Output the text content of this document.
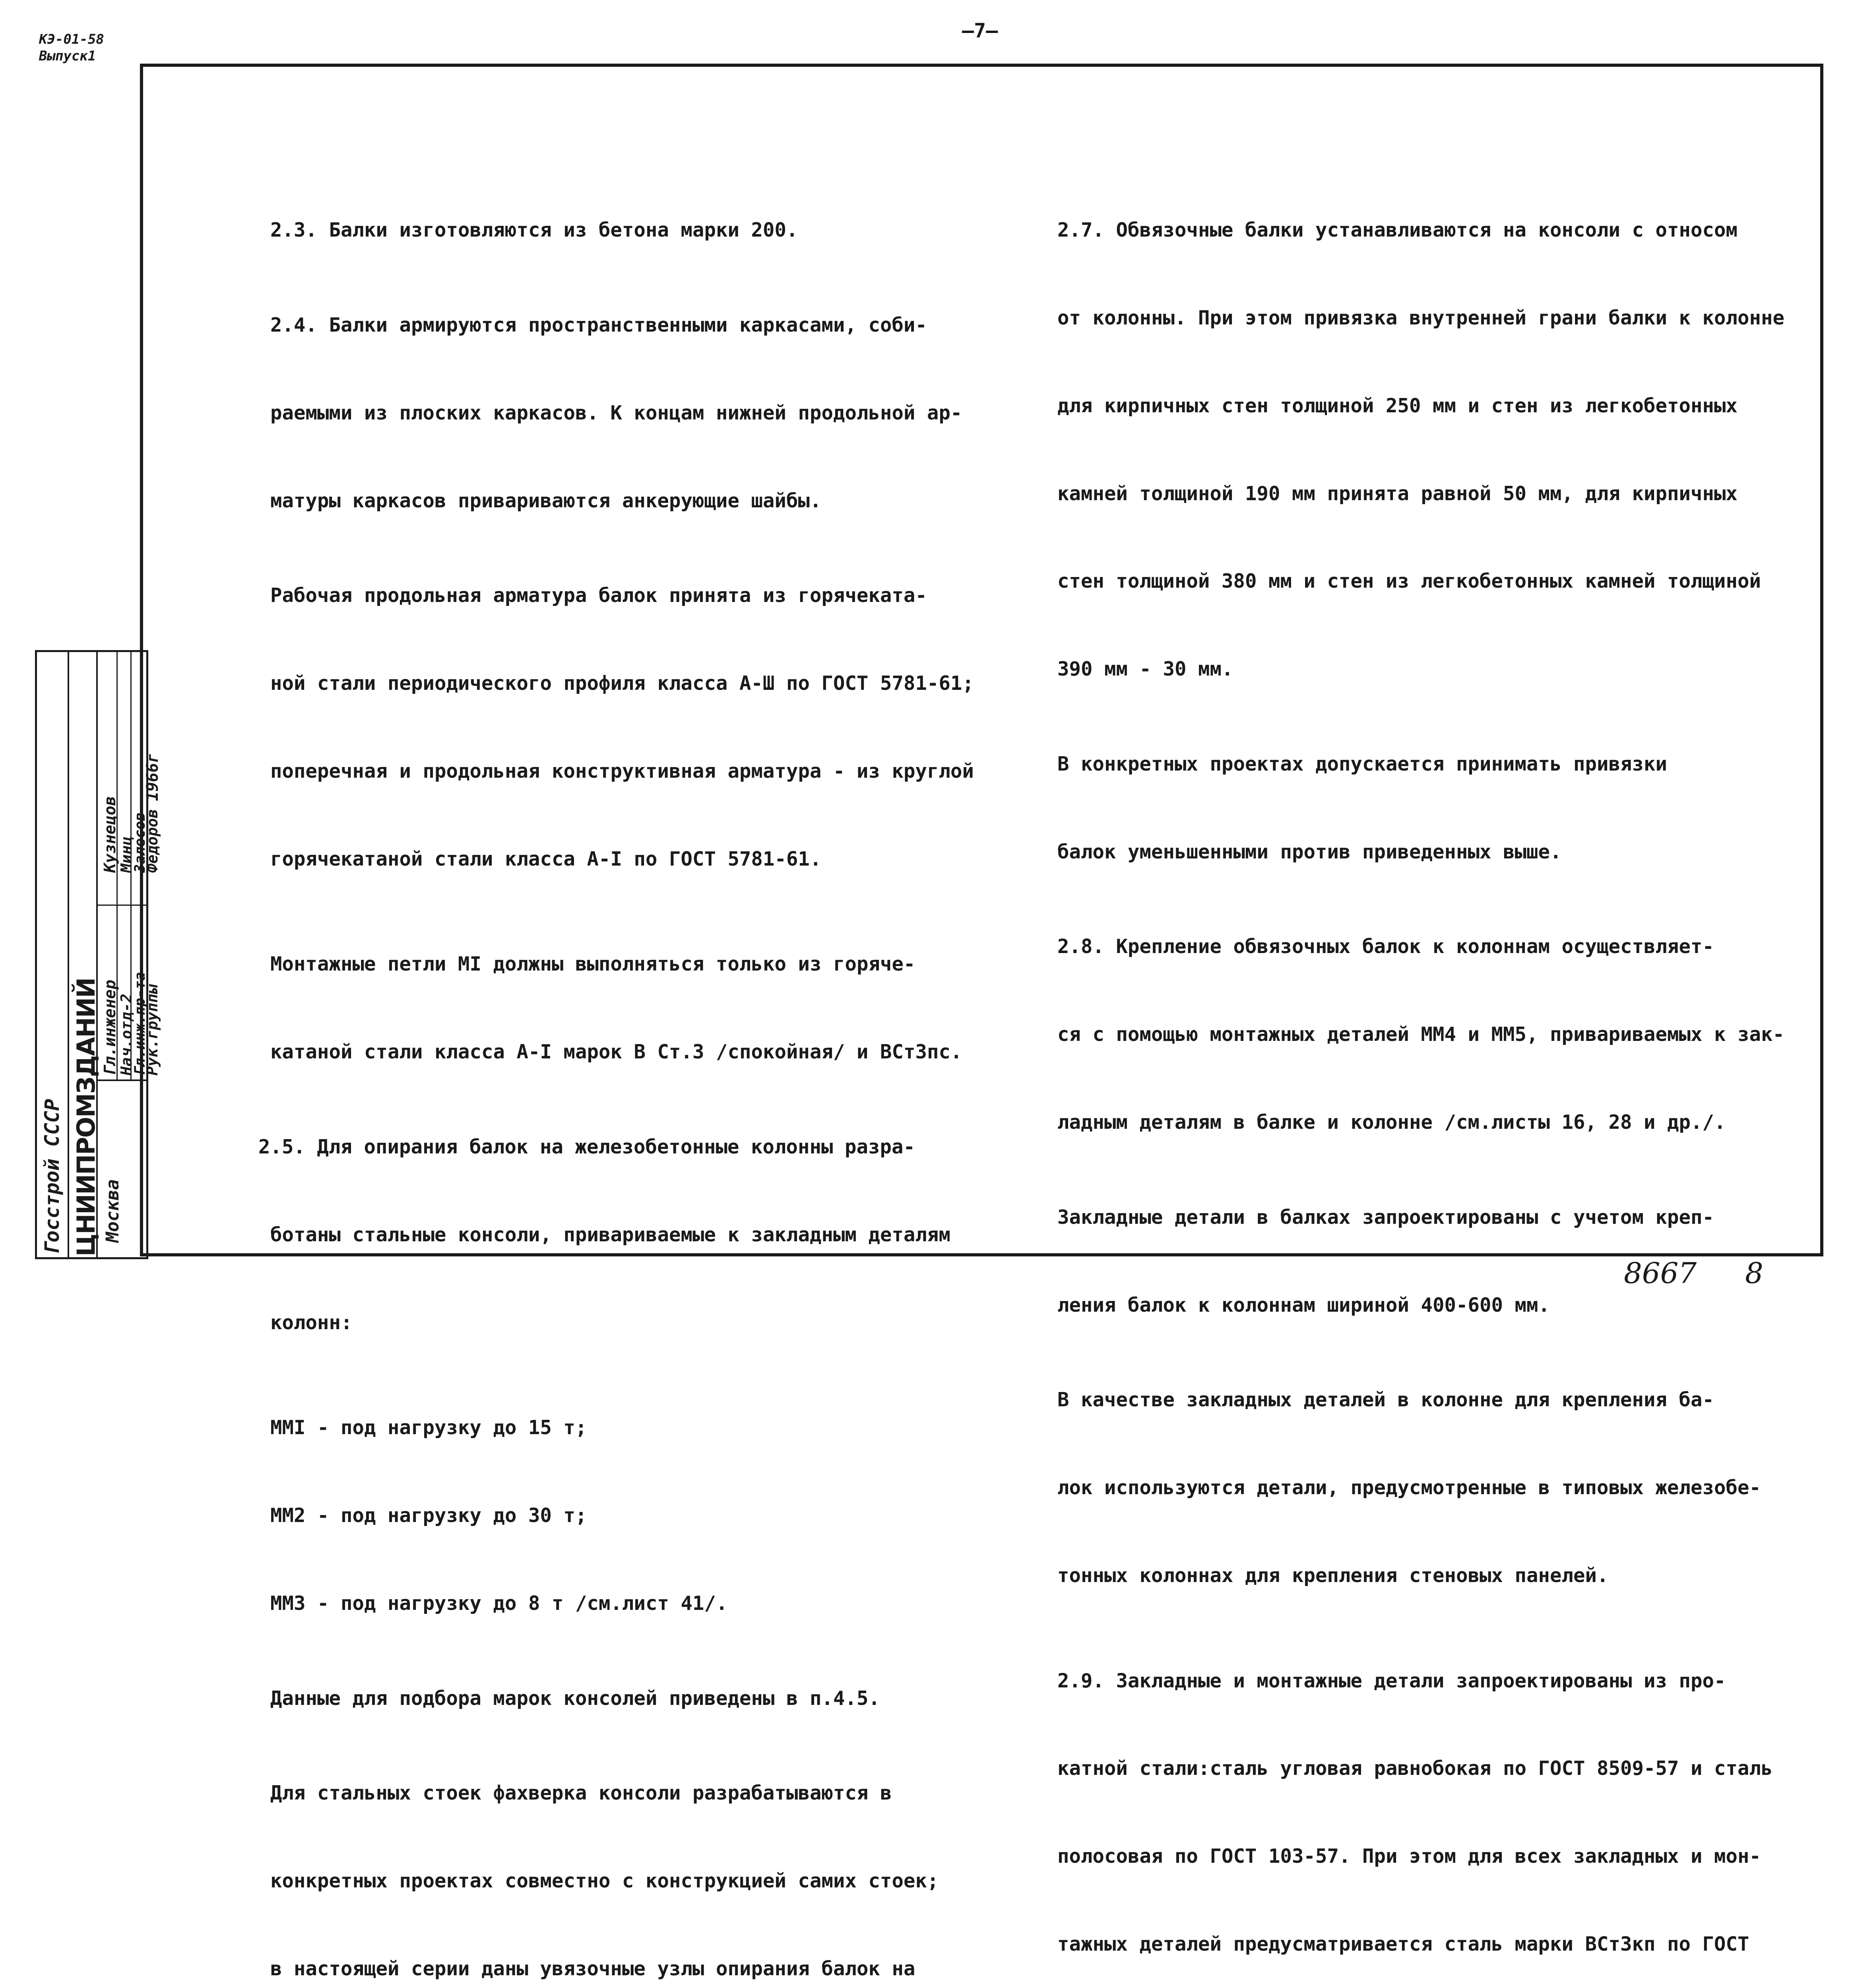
КЭ-01-58
Выпуск1
—7—

2.3. Балки изготовляются из бетона марки 200.

2.4. Балки армируются пространственными каркасами, соби-

раемыми из плоских каркасов. К концам нижней продольной ар-

матуры каркасов привариваются анкерующие шайбы.

Рабочая продольная арматура балок принята из горячеката-

ной стали периодического профиля класса А-Ш по ГОСТ 5781-61;

поперечная и продольная конструктивная арматура - из круглой

горячекатаной стали класса А-I по ГОСТ 5781-61.

Монтажные петли MI должны выполняться только из горяче-

катаной стали класса А-I марок В Ст.3 /спокойная/ и ВСт3пс.

2.5. Для опирания балок на железобетонные колонны разра-

ботаны стальные консоли, привариваемые к закладным деталям

колонн:

ММI - под нагрузку до 15 т;

ММ2 - под нагрузку до 30 т;

ММ3 - под нагрузку до 8 т /см.лист 41/.

Данные для подбора марок консолей приведены в п.4.5.

Для стальных стоек фахверка консоли разрабатываются в

конкретных проектах совместно с конструкцией самих стоек;

в настоящей серии даны увязочные узлы опирания балок на

2.7. Обвязочные балки устанавливаются на консоли с относом

от колонны. При этом привязка внутренней грани балки к колонне

для кирпичных стен толщиной 250 мм и стен из легкобетонных

камней толщиной 190 мм принята равной 50 мм, для кирпичных

стен толщиной 380 мм и стен из легкобетонных камней толщиной

390 мм - 30 мм.

В конкретных проектах допускается принимать привязки

балок уменьшенными против приведенных выше.

2.8. Крепление обвязочных балок к колоннам осуществляет-

ся с помощью монтажных деталей ММ4 и ММ5, привариваемых к зак-

ладным деталям в балке и колонне /см.листы 16, 28 и др./.

Закладные детали в балках запроектированы с учетом креп-

ления балок к колоннам шириной 400-600 мм.

В качестве закладных деталей в колонне для крепления ба-

лок используются детали, предусмотренные в типовых железобе-

тонных колоннах для крепления стеновых панелей.

2.9. Закладные и монтажные детали запроектированы из про-

катной стали:сталь угловая равнобокая по ГОСТ 8509-57 и сталь

полосовая по ГОСТ 103-57. При этом для всех закладных и мон-

тажных деталей предусматривается сталь марки ВСт3кп по ГОСТ

Госстрой СССР ЦНИИПРОМЗДАНИЙ Москва
Гл.инженер
Нач.отд-2
Гл.инж.пр-та
Кузнецов
Минц
Залесов
Рук.группы
Федоров
1966г
8667 8
